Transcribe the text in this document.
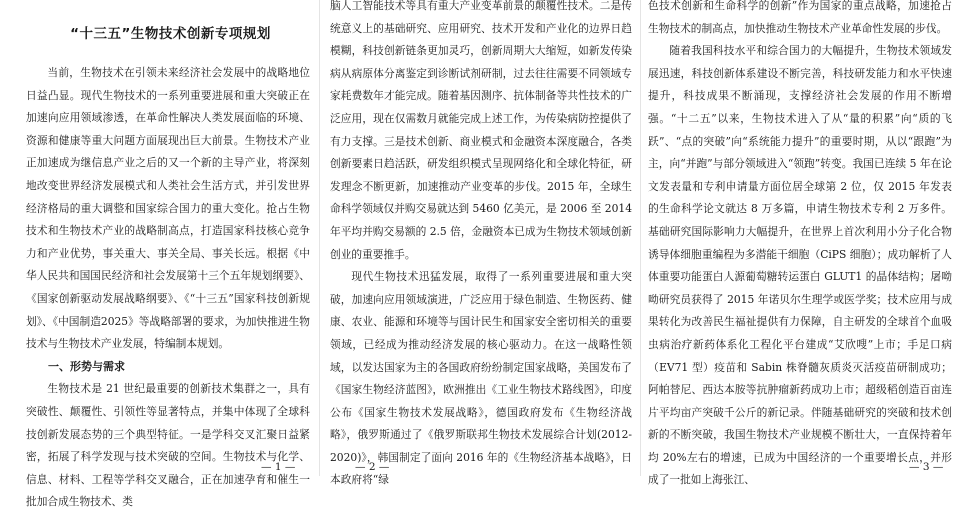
“十三五”生物技术创新专项规划

当前，生物技术在引领未来经济社会发展中的战略地位日益凸显。现代生物技术的一系列重要进展和重大突破正在加速向应用领域渗透，在革命性解决人类发展面临的环境、资源和健康等重大问题方面展现出巨大前景。生物技术产业正加速成为继信息产业之后的又一个新的主导产业，将深刻地改变世界经济发展模式和人类社会生活方式，并引发世界经济格局的重大调整和国家综合国力的重大变化。抢占生物技术和生物技术产业的战略制高点，打造国家科技核心竞争力和产业优势，事关重大、事关全局、事关长远。根据《中华人民共和国国民经济和社会发展第十三个五年规划纲要》、《国家创新驱动发展战略纲要》、《“十三五”国家科技创新规划》、《中国制造2025》等战略部署的要求，为加快推进生物技术与生物技术产业发展，特编制本规划。

一、形势与需求

生物技术是 21 世纪最重要的创新技术集群之一，具有突破性、颠覆性、引领性等显著特点，并集中体现了全球科技创新发展态势的三个典型特征。一是学科交叉汇聚日益紧密，拓展了科学发现与技术突破的空间。生物技术与化学、信息、材料、工程等学科交叉融合，正在加速孕育和催生一批加合成生物技术、类

— 1 —

脑人工智能技术等具有重大产业变革前景的颠覆性技术。二是传统意义上的基础研究、应用研究、技术开发和产业化的边界日趋模糊，科技创新链条更加灵巧，创新周期大大缩短，如新发传染病从病原体分离鉴定到诊断试剂研制，过去往往需要不同领域专家耗费数年才能完成。随着基因测序、抗体制备等共性技术的广泛应用，现在仅需数月就能完成上述工作，为传染病防控提供了有力支撑。三是技术创新、商业模式和金融资本深度融合，各类创新要素日趋活跃，研发组织模式呈现网络化和全球化特征，研发理念不断更新，加速推动产业变革的步伐。2015 年，全球生命科学领域仅并购交易就达到 5460 亿美元，是 2006 至 2014 年平均并购交易额的 2.5 倍，金融资本已成为生物技术领域创新创业的重要推手。

现代生物技术迅猛发展，取得了一系列重要进展和重大突破，加速向应用领域演进，广泛应用于绿色制造、生物医药、健康、农业、能源和环境等与国计民生和国家安全密切相关的重要领域，已经成为推动经济发展的核心驱动力。在这一战略性领域，以发达国家为主的各国政府纷纷制定国家战略，美国发布了《国家生物经济蓝图》，欧洲推出《工业生物技术路线图》，印度公布《国家生物技术发展战略》，德国政府发布《生物经济战略》，俄罗斯通过了《俄罗斯联邦生物技术发展综合计划(2012-2020)》，韩国制定了面向 2016 年的《生物经济基本战略》，日本政府将“绿

— 2 —

色技术创新和生命科学的创新”作为国家的重点战略，加速抢占生物技术的制高点，加快推动生物技术产业革命性发展的步伐。

随着我国科技水平和综合国力的大幅提升，生物技术领域发展迅速，科技创新体系建设不断完善，科技研发能力和水平快速提升，科技成果不断涌现，支撑经济社会发展的作用不断增强。“十二五”以来，生物技术进入了从“量的积累”向“质的飞跃”、“点的突破”向“系统能力提升”的重要时期，从以“跟跑”为主，向“并跑”与部分领域进入“领跑”转变。我国已连续 5 年在论文发表量和专利申请量方面位居全球第 2 位，仅 2015 年发表的生命科学论文就达 8 万多篇，申请生物技术专利 2 万多件。基础研究国际影响力大幅提升，在世界上首次利用小分子化合物诱导体细胞重编程为多潜能干细胞（CiPS 细胞）；成功解析了人体重要功能蛋白人源葡萄糖转运蛋白 GLUT1 的晶体结构；屠呦呦研究员获得了 2015 年诺贝尔生理学或医学奖；技术应用与成果转化为改善民生福祉提供有力保障，自主研发的全球首个血吸虫病治疗新药体系化工程化平台建成“艾欣嗖”上市；手足口病（EV71 型）疫苗和 Sabin 株脊髓灰质炎灭活疫苗研制成功；阿帕替尼、西达本胺等抗肿瘤新药成功上市；超级稻创造百亩连片平均亩产突破千公斤的新记录。伴随基础研究的突破和技术创新的不断突破，我国生物技术产业规模不断壮大，一直保持着年均 20%左右的增速，已成为中国经济的一个重要增长点，并形成了一批如上海张江、

— 3 —
